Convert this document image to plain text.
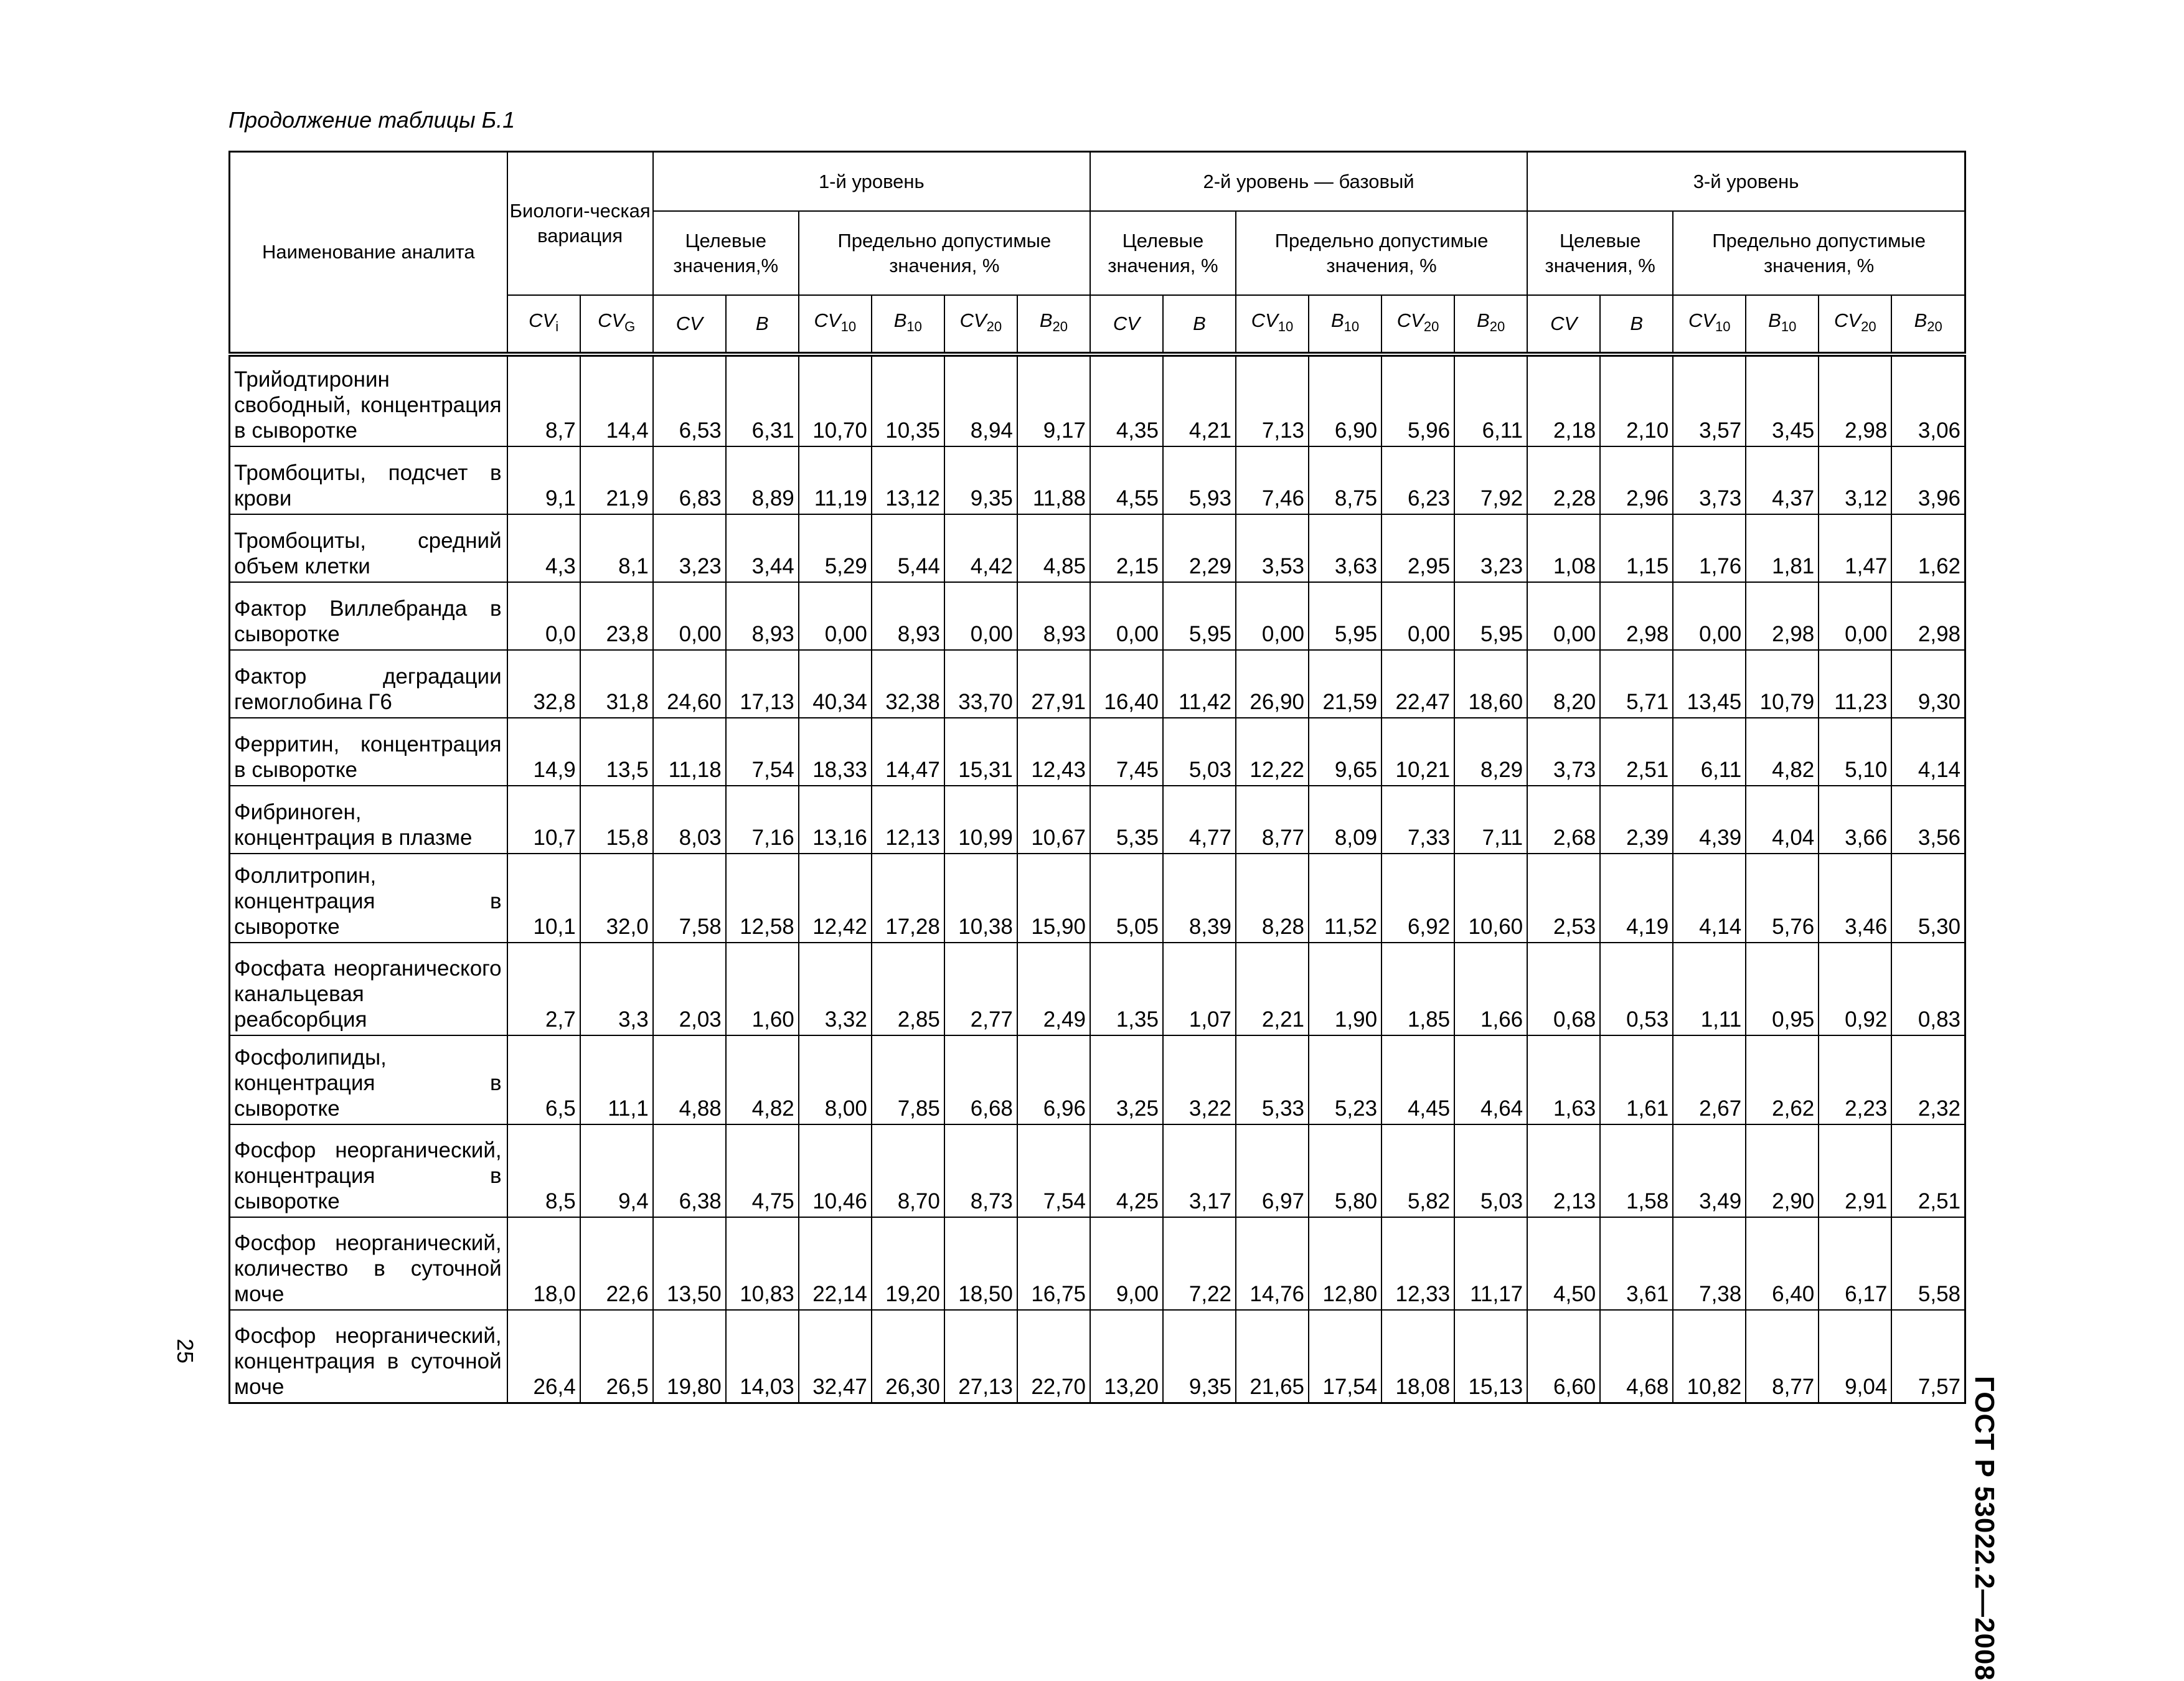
Продолжение таблицы Б.1
Наименование аналита	Биологи-ческая вариация		1-й уровень						2-й уровень — базовый						3-й уровень					
			Целевые значения,%		Предельно допустимые значения, %				Целевые значения, %		Предельно допустимые значения, %				Целевые значения, %		Предельно допустимые значения, %			
	$CV_i$	$CV_G$	CV	B	$CV_{10}$	$B_{10}$	$CV_{20}$	$B_{20}$	CV	B	$CV_{10}$	$B_{10}$	$CV_{20}$	$B_{20}$	CV	B	$CV_{10}$	$B_{10}$	$CV_{20}$	$B_{20}$
Трийодтиронин свободный, концентрация в сыворотке	8,7	14,4	6,53	6,31	10,70	10,35	8,94	9,17	4,35	4,21	7,13	6,90	5,96	6,11	2,18	2,10	3,57	3,45	2,98	3,06
Тромбоциты, подсчет в крови	9,1	21,9	6,83	8,89	11,19	13,12	9,35	11,88	4,55	5,93	7,46	8,75	6,23	7,92	2,28	2,96	3,73	4,37	3,12	3,96
Тромбоциты, средний объем клетки	4,3	8,1	3,23	3,44	5,29	5,44	4,42	4,85	2,15	2,29	3,53	3,63	2,95	3,23	1,08	1,15	1,76	1,81	1,47	1,62
Фактор Виллебранда в сыворотке	0,0	23,8	0,00	8,93	0,00	8,93	0,00	8,93	0,00	5,95	0,00	5,95	0,00	5,95	0,00	2,98	0,00	2,98	0,00	2,98
Фактор деградации гемоглобина Г6	32,8	31,8	24,60	17,13	40,34	32,38	33,70	27,91	16,40	11,42	26,90	21,59	22,47	18,60	8,20	5,71	13,45	10,79	11,23	9,30
Ферритин, концентрация в сыворотке	14,9	13,5	11,18	7,54	18,33	14,47	15,31	12,43	7,45	5,03	12,22	9,65	10,21	8,29	3,73	2,51	6,11	4,82	5,10	4,14
Фибриноген, концентрация в плазме	10,7	15,8	8,03	7,16	13,16	12,13	10,99	10,67	5,35	4,77	8,77	8,09	7,33	7,11	2,68	2,39	4,39	4,04	3,66	3,56
Фоллитропин, концентрация в сыворотке	10,1	32,0	7,58	12,58	12,42	17,28	10,38	15,90	5,05	8,39	8,28	11,52	6,92	10,60	2,53	4,19	4,14	5,76	3,46	5,30
Фосфата неорганического канальцевая реабсорбция	2,7	3,3	2,03	1,60	3,32	2,85	2,77	2,49	1,35	1,07	2,21	1,90	1,85	1,66	0,68	0,53	1,11	0,95	0,92	0,83
Фосфолипиды, концентрация в сыворотке	6,5	11,1	4,88	4,82	8,00	7,85	6,68	6,96	3,25	3,22	5,33	5,23	4,45	4,64	1,63	1,61	2,67	2,62	2,23	2,32
Фосфор неорганический, концентрация в сыворотке	8,5	9,4	6,38	4,75	10,46	8,70	8,73	7,54	4,25	3,17	6,97	5,80	5,82	5,03	2,13	1,58	3,49	2,90	2,91	2,51
Фосфор неорганический, количество в суточной моче	18,0	22,6	13,50	10,83	22,14	19,20	18,50	16,75	9,00	7,22	14,76	12,80	12,33	11,17	4,50	3,61	7,38	6,40	6,17	5,58
Фосфор неорганический, концентрация в суточной моче	26,4	26,5	19,80	14,03	32,47	26,30	27,13	22,70	13,20	9,35	21,65	17,54	18,08	15,13	6,60	4,68	10,82	8,77	9,04	7,57 ГОСТ Р 53022.2—2008
25
